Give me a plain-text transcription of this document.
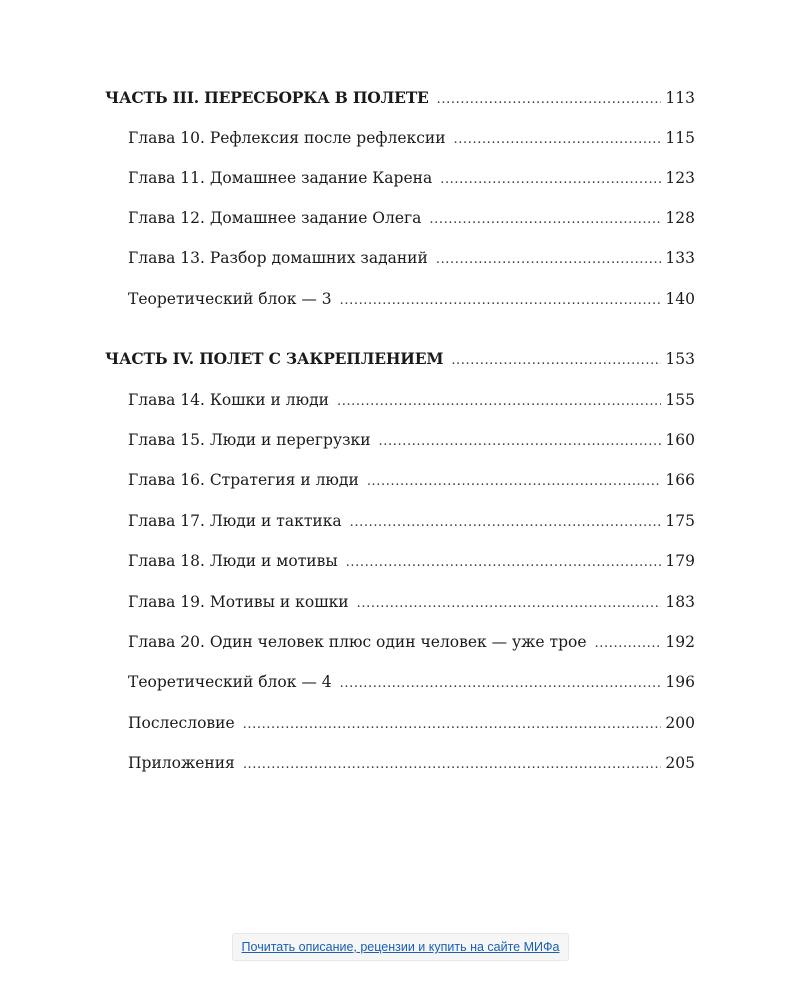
ЧАСТЬ III. ПЕРЕСБОРКА В ПОЛЕТЕ .....	113
Глава 10. Рефлексия после рефлексии .....	115
Глава 11. Домашнее задание Карена .....	123
Глава 12. Домашнее задание Олега .....	128
Глава 13. Разбор домашних заданий .....	133
Теоретический блок — 3 .....	140
ЧАСТЬ IV. ПОЛЕТ С ЗАКРЕПЛЕНИЕМ .....	153
Глава 14. Кошки и люди .....	155
Глава 15. Люди и перегрузки .....	160
Глава 16. Стратегия и люди .....	166
Глава 17. Люди и тактика .....	175
Глава 18. Люди и мотивы .....	179
Глава 19. Мотивы и кошки .....	183
Глава 20. Один человек плюс один человек — уже трое .....	192
Теоретический блок — 4 .....	196
Послесловие .....	200
Приложения .....	205
Почитать описание, рецензии и купить на сайте МИФа
